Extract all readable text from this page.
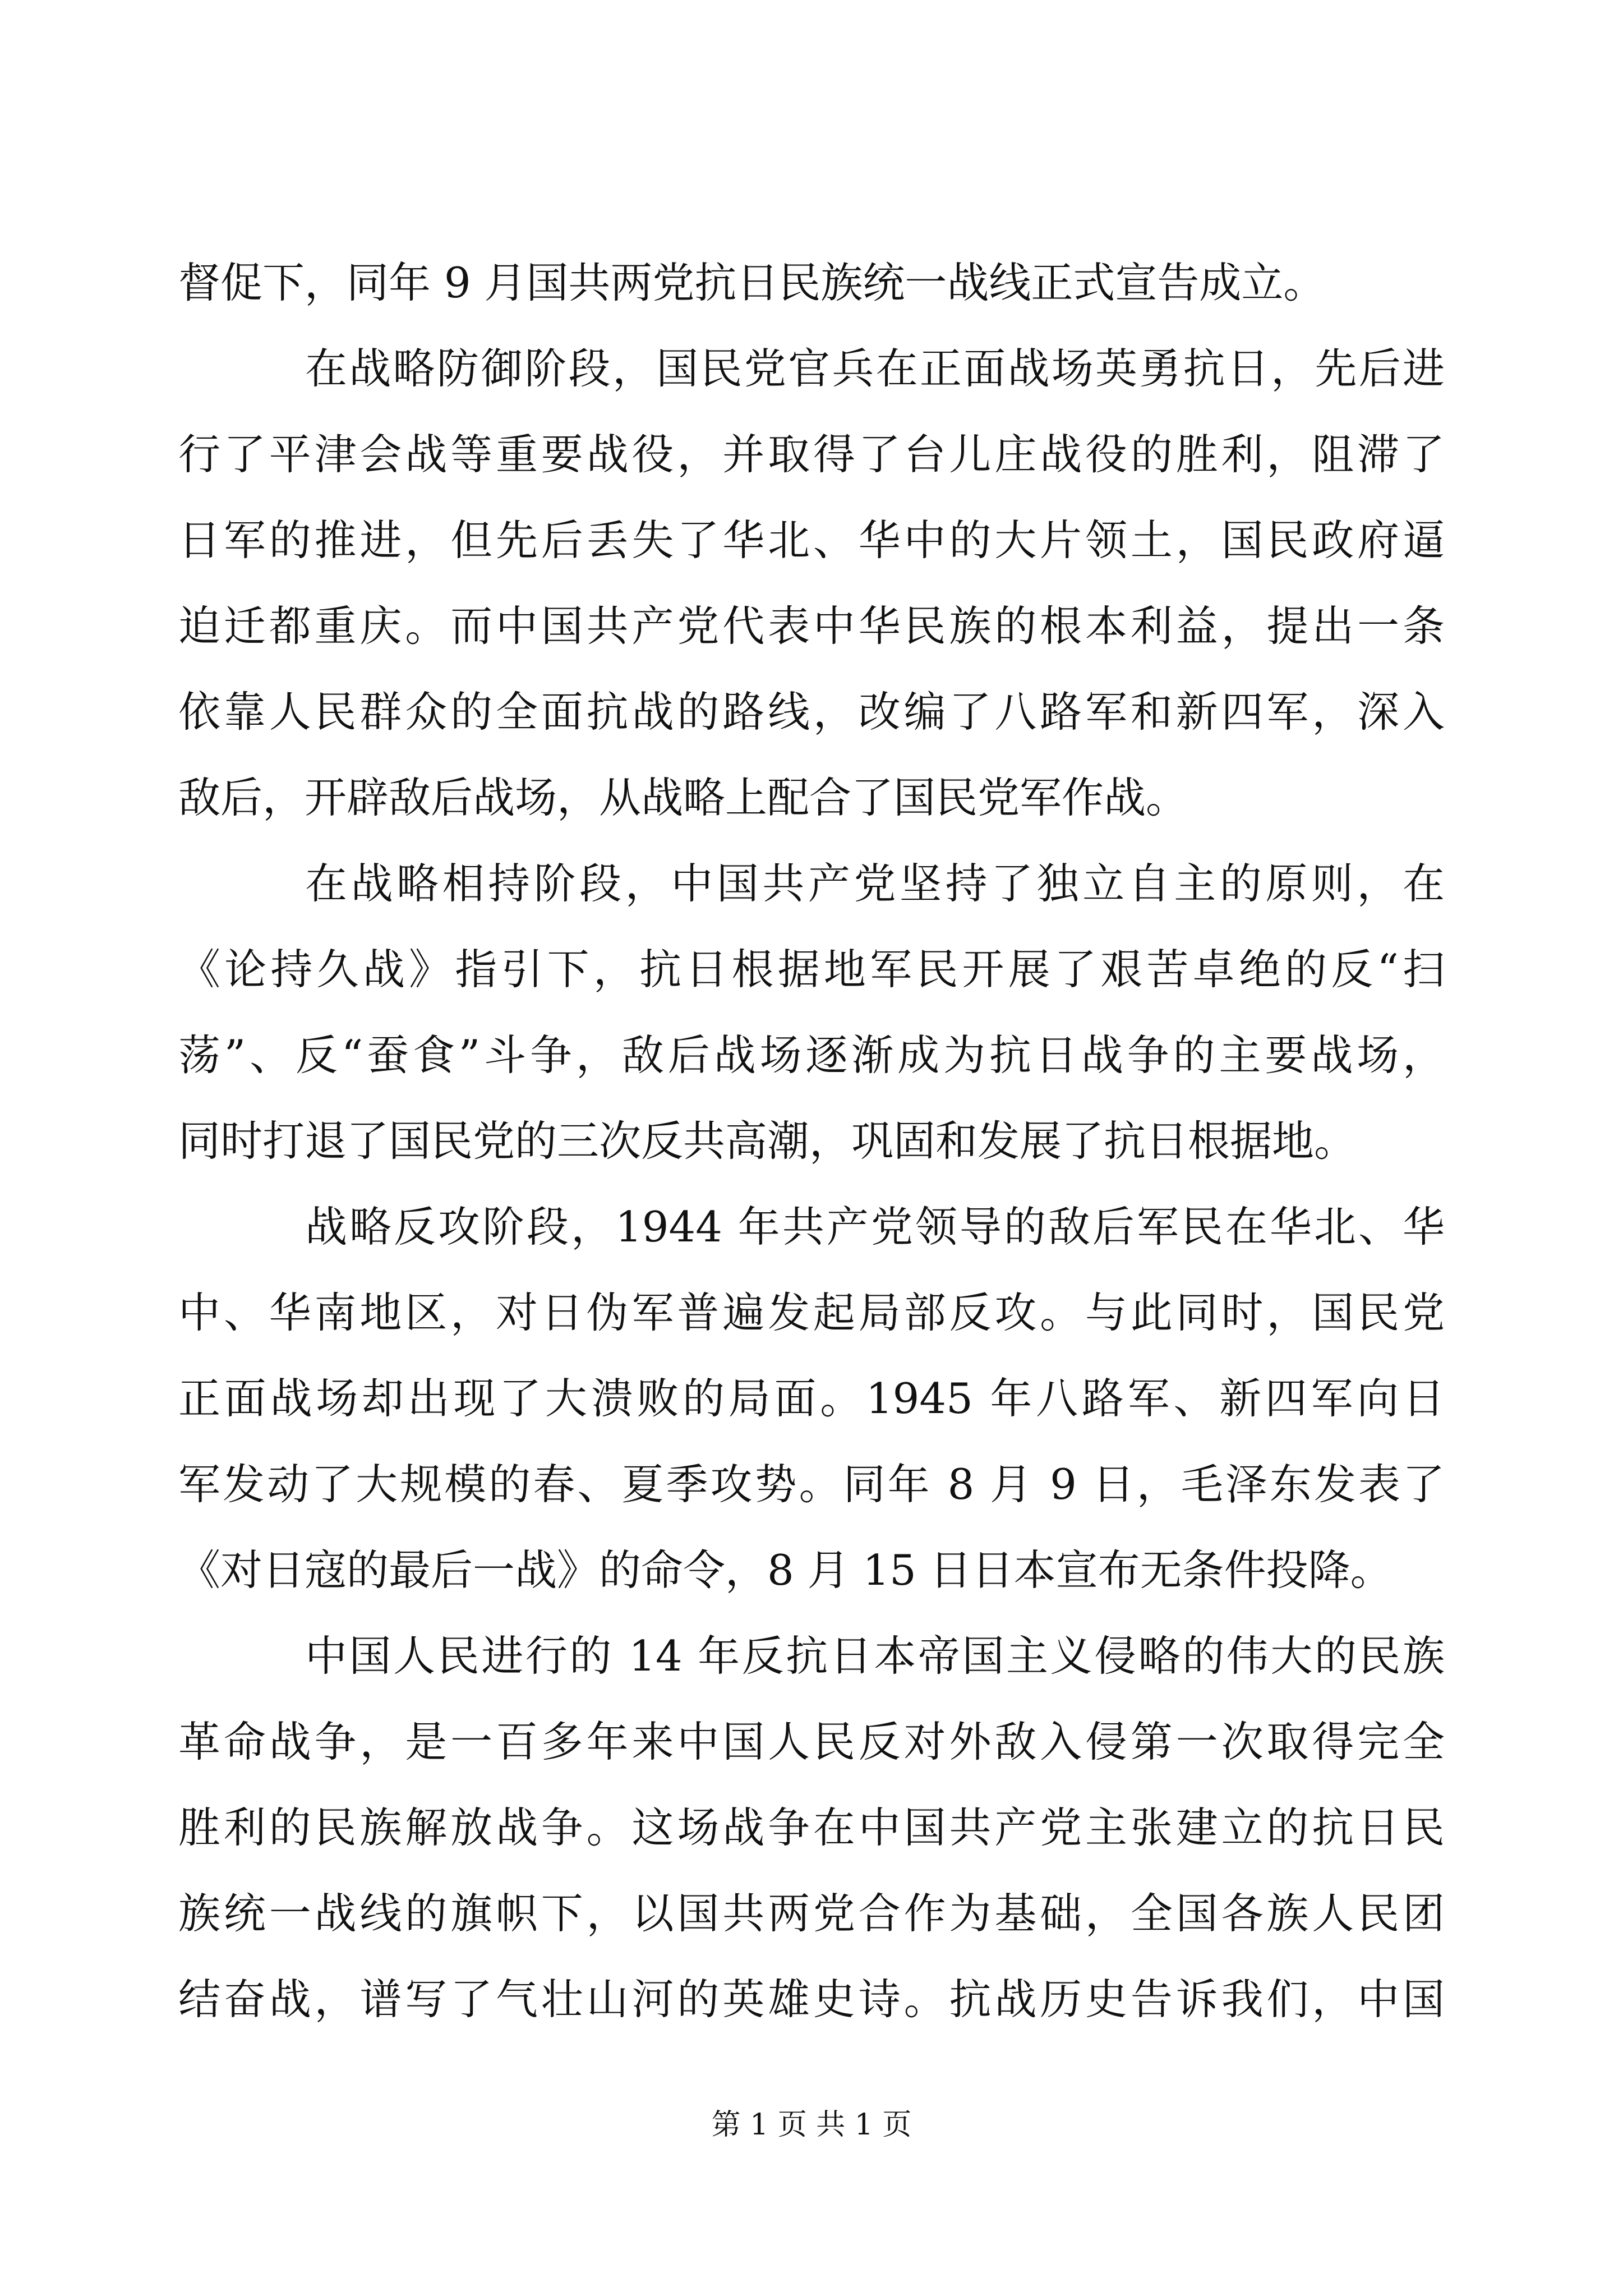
督促下，同年 9 月国共两党抗日民族统一战线正式宣告成立。
在战略防御阶段，国民党官兵在正面战场英勇抗日，先后进
行了平津会战等重要战役，并取得了台儿庄战役的胜利，阻滞了
日军的推进，但先后丢失了华北、华中的大片领土，国民政府逼
迫迁都重庆。而中国共产党代表中华民族的根本利益，提出一条
依靠人民群众的全面抗战的路线，改编了八路军和新四军，深入
敌后，开辟敌后战场，从战略上配合了国民党军作战。
在战略相持阶段，中国共产党坚持了独立自主的原则，在
《论持久战》指引下，抗日根据地军民开展了艰苦卓绝的反“扫
荡”、反“蚕食”斗争，敌后战场逐渐成为抗日战争的主要战场，
同时打退了国民党的三次反共高潮，巩固和发展了抗日根据地。
战略反攻阶段，1944 年共产党领导的敌后军民在华北、华
中、华南地区，对日伪军普遍发起局部反攻。与此同时，国民党
正面战场却出现了大溃败的局面。1945 年八路军、新四军向日
军发动了大规模的春、夏季攻势。同年 8 月 9 日，毛泽东发表了
《对日寇的最后一战》的命令，8 月 15 日日本宣布无条件投降。
中国人民进行的 14 年反抗日本帝国主义侵略的伟大的民族
革命战争，是一百多年来中国人民反对外敌入侵第一次取得完全
胜利的民族解放战争。这场战争在中国共产党主张建立的抗日民
族统一战线的旗帜下，以国共两党合作为基础，全国各族人民团
结奋战，谱写了气壮山河的英雄史诗。抗战历史告诉我们，中国
第 1 页 共 1 页
